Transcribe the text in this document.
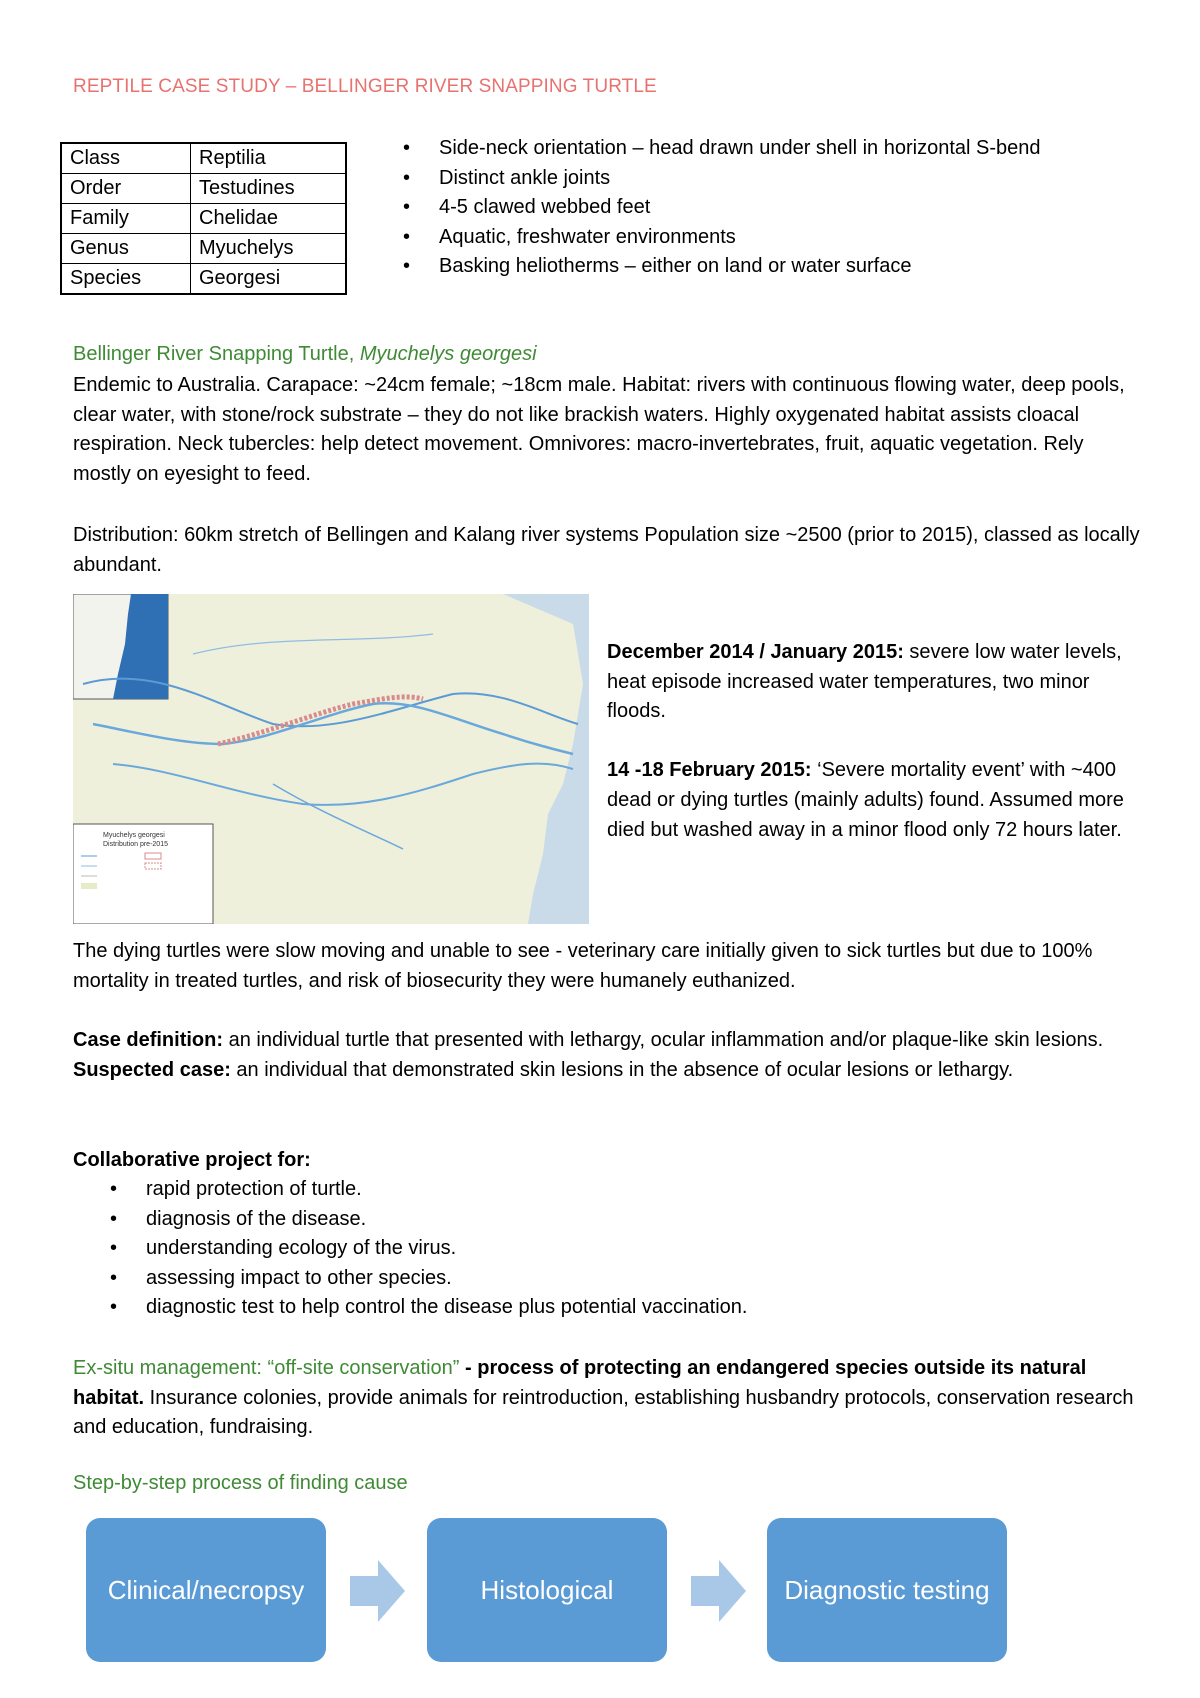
REPTILE CASE STUDY – BELLINGER RIVER SNAPPING TURTLE
Class	Reptilia
Order	Testudines
Family	Chelidae
Genus	Myuchelys
Species	Georgesi
• Side-neck orientation – head drawn under shell in horizontal S-bend
• Distinct ankle joints
• 4-5 clawed webbed feet
• Aquatic, freshwater environments
• Basking heliotherms – either on land or water surface
Bellinger River Snapping Turtle, Myuchelys georgesi
Endemic to Australia. Carapace: ~24cm female; ~18cm male. Habitat: rivers with continuous flowing water, deep pools, clear water, with stone/rock substrate – they do not like brackish waters. Highly oxygenated habitat assists cloacal respiration. Neck tubercles: help detect movement. Omnivores: macro-invertebrates, fruit, aquatic vegetation. Rely mostly on eyesight to feed.
Distribution: 60km stretch of Bellingen and Kalang river systems Population size ~2500 (prior to 2015), classed as locally abundant.
Myuchelys georgesi
Distribution pre-2015
December 2014 / January 2015: severe low water levels, heat episode increased water temperatures, two minor floods.
14 -18 February 2015: ‘Severe mortality event’ with ~400 dead or dying turtles (mainly adults) found. Assumed more died but washed away in a minor flood only 72 hours later.
The dying turtles were slow moving and unable to see - veterinary care initially given to sick turtles but due to 100% mortality in treated turtles, and risk of biosecurity they were humanely euthanized.
Case definition: an individual turtle that presented with lethargy, ocular inflammation and/or plaque-like skin lesions.
Suspected case: an individual that demonstrated skin lesions in the absence of ocular lesions or lethargy.
Collaborative project for:
• rapid protection of turtle.
• diagnosis of the disease.
• understanding ecology of the virus.
• assessing impact to other species.
• diagnostic test to help control the disease plus potential vaccination.
Ex-situ management: “off-site conservation” - process of protecting an endangered species outside its natural habitat. Insurance colonies, provide animals for reintroduction, establishing husbandry protocols, conservation research and education, fundraising.
Step-by-step process of finding cause
Clinical/necropsy	Histological	Diagnostic testing
